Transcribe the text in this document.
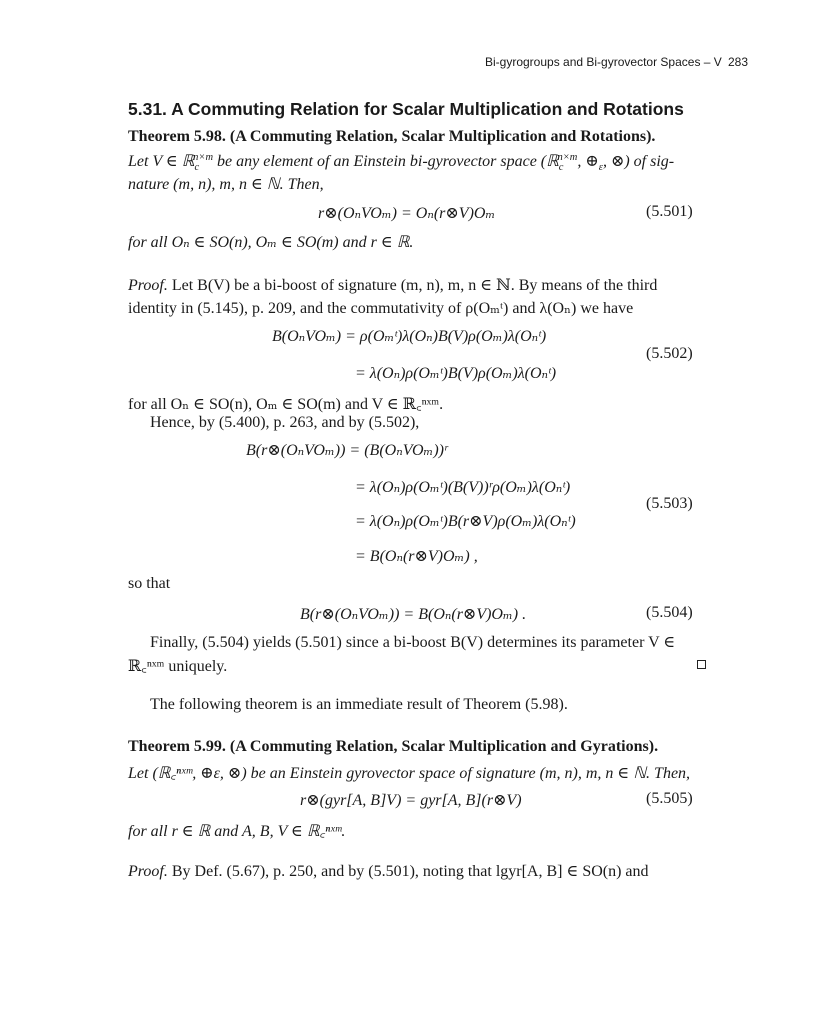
Bi-gyrogroups and Bi-gyrovector Spaces – V 283
5.31. A Commuting Relation for Scalar Multiplication and Rotations
Theorem 5.98. (A Commuting Relation, Scalar Multiplication and Rotations).
Let V ∈ ℝ$_c^{n\times m}$ be any element of an Einstein bi-gyrovector space (ℝ$_c^{n\times m}$, $\oplus_\varepsilon$, ⊗) of sig-
nature (m, n), m, n ∈ ℕ. Then,
r⊗(OₙVOₘ) = Oₙ(r⊗V)Oₘ	(5.501)
for all Oₙ ∈ SO(n), Oₘ ∈ SO(m) and r ∈ ℝ.
Proof. Let B(V) be a bi-boost of signature (m, n), m, n ∈ ℕ. By means of the third
identity in (5.145), p. 209, and the commutativity of ρ(Oₘᵗ) and λ(Oₙ) we have
B(OₙVOₘ) = ρ(Oₘᵗ)λ(Oₙ)B(V)ρ(Oₘ)λ(Oₙᵗ)
= λ(Oₙ)ρ(Oₘᵗ)B(V)ρ(Oₘ)λ(Oₙᵗ)
(5.502)
for all Oₙ ∈ SO(n), Oₘ ∈ SO(m) and V ∈ ℝ꜀ⁿˣᵐ.
Hence, by (5.400), p. 263, and by (5.502),
B(r⊗(OₙVOₘ)) = (B(OₙVOₘ))ʳ
= λ(Oₙ)ρ(Oₘᵗ)(B(V))ʳρ(Oₘ)λ(Oₙᵗ)
= λ(Oₙ)ρ(Oₘᵗ)B(r⊗V)ρ(Oₘ)λ(Oₙᵗ)
= B(Oₙ(r⊗V)Oₘ) ,
(5.503)
so that
B(r⊗(OₙVOₘ)) = B(Oₙ(r⊗V)Oₘ) .	(5.504)
Finally, (5.504) yields (5.501) since a bi-boost B(V) determines its parameter V ∈
ℝ꜀ⁿˣᵐ uniquely.
The following theorem is an immediate result of Theorem (5.98).
Theorem 5.99. (A Commuting Relation, Scalar Multiplication and Gyrations).
Let (ℝ꜀ⁿˣᵐ, ⊕ε, ⊗) be an Einstein gyrovector space of signature (m, n), m, n ∈ ℕ. Then,
r⊗(gyr[A, B]V) = gyr[A, B](r⊗V)	(5.505)
for all r ∈ ℝ and A, B, V ∈ ℝ꜀ⁿˣᵐ.
Proof. By Def. (5.67), p. 250, and by (5.501), noting that lgyr[A, B] ∈ SO(n) and
